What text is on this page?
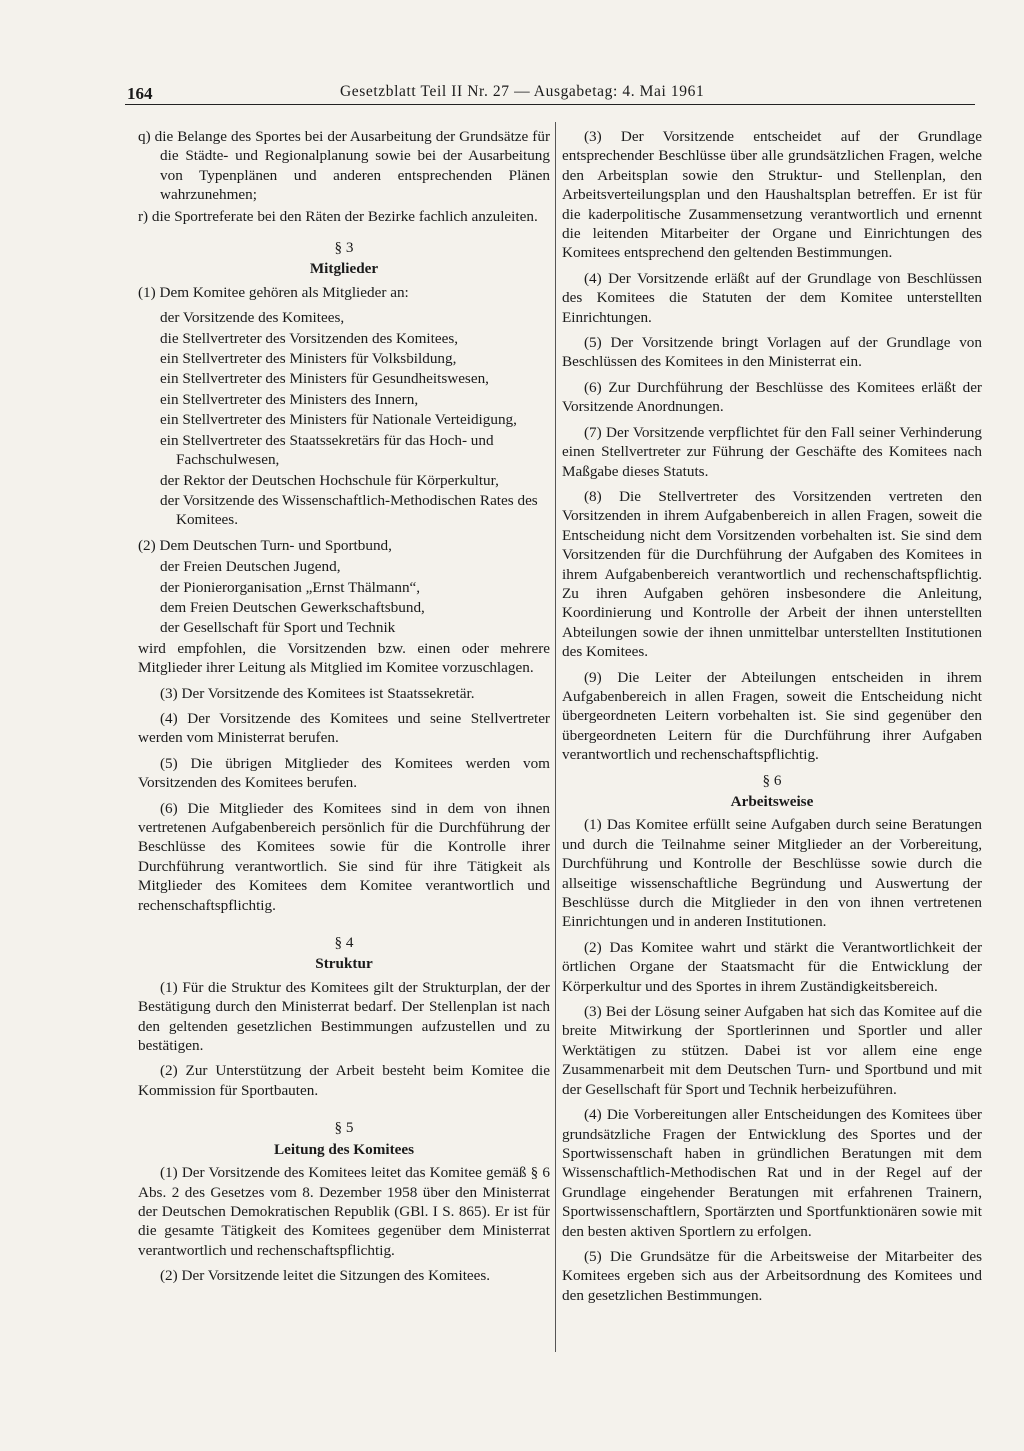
164	Gesetzblatt Teil II Nr. 27 — Ausgabetag: 4. Mai 1961

q) die Belange des Sportes bei der Ausarbeitung der Grundsätze für die Städte- und Regionalplanung sowie bei der Ausarbeitung von Typenplänen und anderen entsprechenden Plänen wahrzunehmen;

r) die Sportreferate bei den Räten der Bezirke fachlich anzuleiten.

§ 3
Mitglieder

(1) Dem Komitee gehören als Mitglieder an:

der Vorsitzende des Komitees,
die Stellvertreter des Vorsitzenden des Komitees,
ein Stellvertreter des Ministers für Volksbildung,
ein Stellvertreter des Ministers für Gesundheitswesen,
ein Stellvertreter des Ministers des Innern,
ein Stellvertreter des Ministers für Nationale Verteidigung,
ein Stellvertreter des Staatssekretärs für das Hoch- und Fachschulwesen,
der Rektor der Deutschen Hochschule für Körperkultur,
der Vorsitzende des Wissenschaftlich-Methodischen Rates des Komitees.

(2) Dem Deutschen Turn- und Sportbund,

der Freien Deutschen Jugend,
der Pionierorganisation „Ernst Thälmann“,
dem Freien Deutschen Gewerkschaftsbund,
der Gesellschaft für Sport und Technik

wird empfohlen, die Vorsitzenden bzw. einen oder mehrere Mitglieder ihrer Leitung als Mitglied im Komitee vorzuschlagen.

(3) Der Vorsitzende des Komitees ist Staatssekretär.

(4) Der Vorsitzende des Komitees und seine Stellvertreter werden vom Ministerrat berufen.

(5) Die übrigen Mitglieder des Komitees werden vom Vorsitzenden des Komitees berufen.

(6) Die Mitglieder des Komitees sind in dem von ihnen vertretenen Aufgabenbereich persönlich für die Durchführung der Beschlüsse des Komitees sowie für die Kontrolle ihrer Durchführung verantwortlich. Sie sind für ihre Tätigkeit als Mitglieder des Komitees dem Komitee verantwortlich und rechenschaftspflichtig.

§ 4
Struktur

(1) Für die Struktur des Komitees gilt der Strukturplan, der der Bestätigung durch den Ministerrat bedarf. Der Stellenplan ist nach den geltenden gesetzlichen Bestimmungen aufzustellen und zu bestätigen.

(2) Zur Unterstützung der Arbeit besteht beim Komitee die Kommission für Sportbauten.

§ 5
Leitung des Komitees

(1) Der Vorsitzende des Komitees leitet das Komitee gemäß § 6 Abs. 2 des Gesetzes vom 8. Dezember 1958 über den Ministerrat der Deutschen Demokratischen Republik (GBl. I S. 865). Er ist für die gesamte Tätigkeit des Komitees gegenüber dem Ministerrat verantwortlich und rechenschaftspflichtig.

(2) Der Vorsitzende leitet die Sitzungen des Komitees.

(3) Der Vorsitzende entscheidet auf der Grundlage entsprechender Beschlüsse über alle grundsätzlichen Fragen, welche den Arbeitsplan sowie den Struktur- und Stellenplan, den Arbeitsverteilungsplan und den Haushaltsplan betreffen. Er ist für die kaderpolitische Zusammensetzung verantwortlich und ernennt die leitenden Mitarbeiter der Organe und Einrichtungen des Komitees entsprechend den geltenden Bestimmungen.

(4) Der Vorsitzende erläßt auf der Grundlage von Beschlüssen des Komitees die Statuten der dem Komitee unterstellten Einrichtungen.

(5) Der Vorsitzende bringt Vorlagen auf der Grundlage von Beschlüssen des Komitees in den Ministerrat ein.

(6) Zur Durchführung der Beschlüsse des Komitees erläßt der Vorsitzende Anordnungen.

(7) Der Vorsitzende verpflichtet für den Fall seiner Verhinderung einen Stellvertreter zur Führung der Geschäfte des Komitees nach Maßgabe dieses Statuts.

(8) Die Stellvertreter des Vorsitzenden vertreten den Vorsitzenden in ihrem Aufgabenbereich in allen Fragen, soweit die Entscheidung nicht dem Vorsitzenden vorbehalten ist. Sie sind dem Vorsitzenden für die Durchführung der Aufgaben des Komitees in ihrem Aufgabenbereich verantwortlich und rechenschaftspflichtig. Zu ihren Aufgaben gehören insbesondere die Anleitung, Koordinierung und Kontrolle der Arbeit der ihnen unterstellten Abteilungen sowie der ihnen unmittelbar unterstellten Institutionen des Komitees.

(9) Die Leiter der Abteilungen entscheiden in ihrem Aufgabenbereich in allen Fragen, soweit die Entscheidung nicht übergeordneten Leitern vorbehalten ist. Sie sind gegenüber den übergeordneten Leitern für die Durchführung ihrer Aufgaben verantwortlich und rechenschaftspflichtig.

§ 6
Arbeitsweise

(1) Das Komitee erfüllt seine Aufgaben durch seine Beratungen und durch die Teilnahme seiner Mitglieder an der Vorbereitung, Durchführung und Kontrolle der Beschlüsse sowie durch die allseitige wissenschaftliche Begründung und Auswertung der Beschlüsse durch die Mitglieder in den von ihnen vertretenen Einrichtungen und in anderen Institutionen.

(2) Das Komitee wahrt und stärkt die Verantwortlichkeit der örtlichen Organe der Staatsmacht für die Entwicklung der Körperkultur und des Sportes in ihrem Zuständigkeitsbereich.

(3) Bei der Lösung seiner Aufgaben hat sich das Komitee auf die breite Mitwirkung der Sportlerinnen und Sportler und aller Werktätigen zu stützen. Dabei ist vor allem eine enge Zusammenarbeit mit dem Deutschen Turn- und Sportbund und mit der Gesellschaft für Sport und Technik herbeizuführen.

(4) Die Vorbereitungen aller Entscheidungen des Komitees über grundsätzliche Fragen der Entwicklung des Sportes und der Sportwissenschaft haben in gründlichen Beratungen mit dem Wissenschaftlich-Methodischen Rat und in der Regel auf der Grundlage eingehender Beratungen mit erfahrenen Trainern, Sportwissenschaftlern, Sportärzten und Sportfunktionären sowie mit den besten aktiven Sportlern zu erfolgen.

(5) Die Grundsätze für die Arbeitsweise der Mitarbeiter des Komitees ergeben sich aus der Arbeitsordnung des Komitees und den gesetzlichen Bestimmungen.
